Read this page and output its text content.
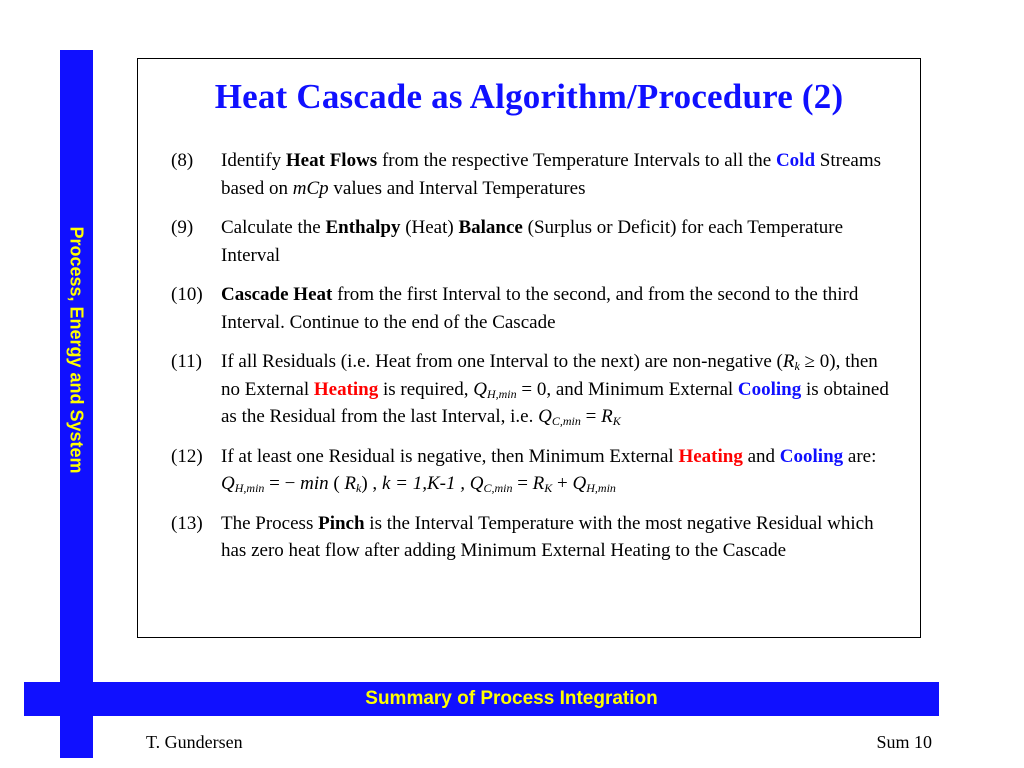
Process, Energy and System
Summary of Process Integration
Heat Cascade as Algorithm/Procedure (2)
(8) Identify Heat Flows from the respective Temperature Intervals to all the Cold Streams based on mCp values and Interval Temperatures
(9) Calculate the Enthalpy (Heat) Balance (Surplus or Deficit) for each Temperature Interval
(10) Cascade Heat from the first Interval to the second, and from the second to the third Interval. Continue to the end of the Cascade
(11) If all Residuals (i.e. Heat from one Interval to the next) are non-negative $(R_k \ge 0)$, then no External Heating is required, $Q_{H,min} = 0$, and Minimum External Cooling is obtained as the Residual from the last Interval, i.e. $Q_{C,min} = R_K$
(12) If at least one Residual is negative, then Minimum External Heating and Cooling are: $Q_{H,min}$ = − min ( $R_k$) , k = 1,K-1 , $Q_{C,min} = R_K + Q_{H,min}$
(13) The Process Pinch is the Interval Temperature with the most negative Residual which has zero heat flow after adding Minimum External Heating to the Cascade
T. Gundersen	Sum 10
